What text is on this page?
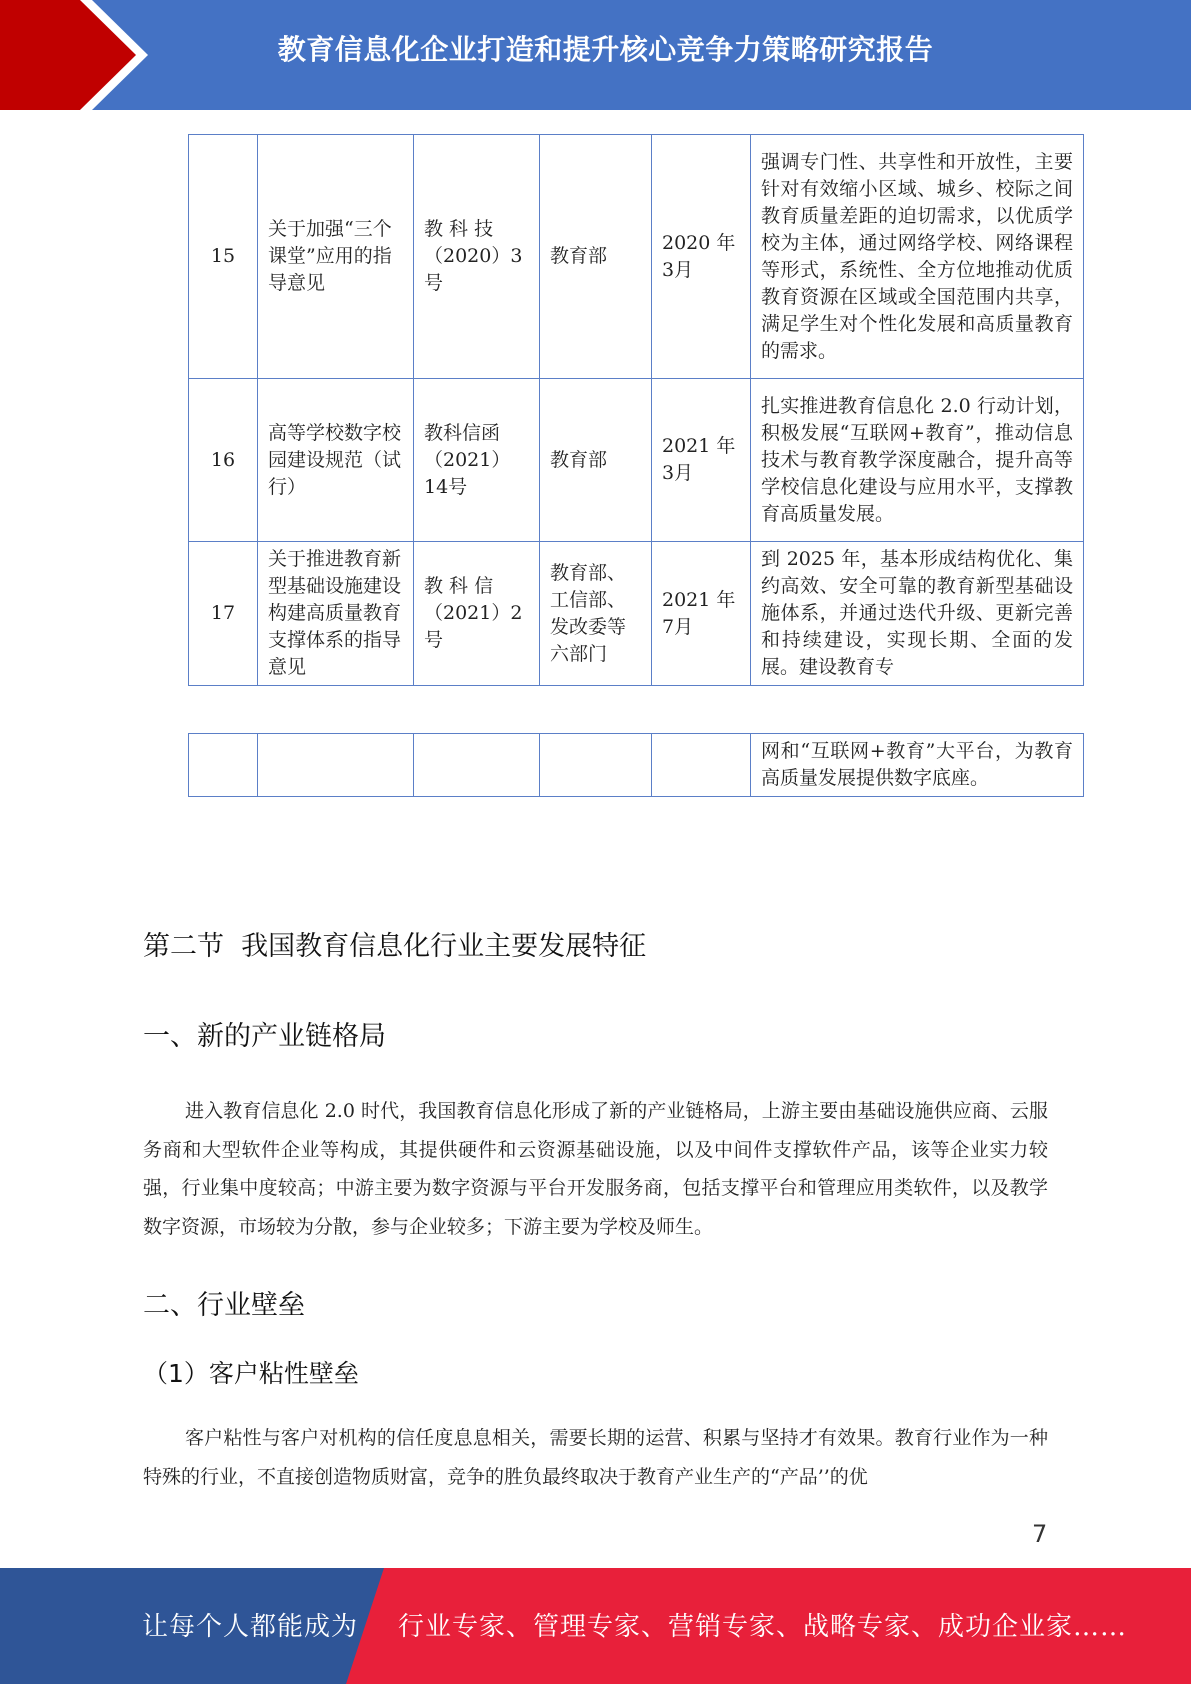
教育信息化企业打造和提升核心竞争力策略研究报告
15	关于加强“三个课堂”应用的指导意见	教 科 技（2020）3号	教育部	2020 年3月	强调专门性、共享性和开放性，主要针对有效缩小区域、城乡、校际之间教育质量差距的迫切需求，以优质学校为主体，通过网络学校、网络课程等形式，系统性、全方位地推动优质教育资源在区域或全国范围内共享，满足学生对个性化发展和高质量教育的需求。
16	高等学校数字校园建设规范（试行）	教科信函（2021）14号	教育部	2021 年3月	扎实推进教育信息化 2.0 行动计划，积极发展“互联网+教育”，推动信息技术与教育教学深度融合，提升高等学校信息化建设与应用水平，支撑教育高质量发展。
17	关于推进教育新型基础设施建设构建高质量教育支撑体系的指导意见	教 科 信（2021）2号	教育部、工信部、发改委等六部门	2021 年7月	到 2025 年，基本形成结构优化、集约高效、安全可靠的教育新型基础设施体系，并通过迭代升级、更新完善和持续建设，实现长期、全面的发展。建设教育专
					网和“互联网+教育”大平台，为教育高质量发展提供数字底座。
第二节  我国教育信息化行业主要发展特征
一、新的产业链格局
进入教育信息化 2.0 时代，我国教育信息化形成了新的产业链格局，上游主要由基础设施供应商、云服务商和大型软件企业等构成，其提供硬件和云资源基础设施，以及中间件支撑软件产品，该等企业实力较强，行业集中度较高；中游主要为数字资源与平台开发服务商，包括支撑平台和管理应用类软件，以及教学数字资源，市场较为分散，参与企业较多；下游主要为学校及师生。
二、行业壁垒
（1）客户粘性壁垒
客户粘性与客户对机构的信任度息息相关，需要长期的运营、积累与坚持才有效果。教育行业作为一种特殊的行业，不直接创造物质财富，竞争的胜负最终取决于教育产业生产的“产品’’的优
7
让每个人都能成为 行业专家、管理专家、营销专家、战略专家、成功企业家……
